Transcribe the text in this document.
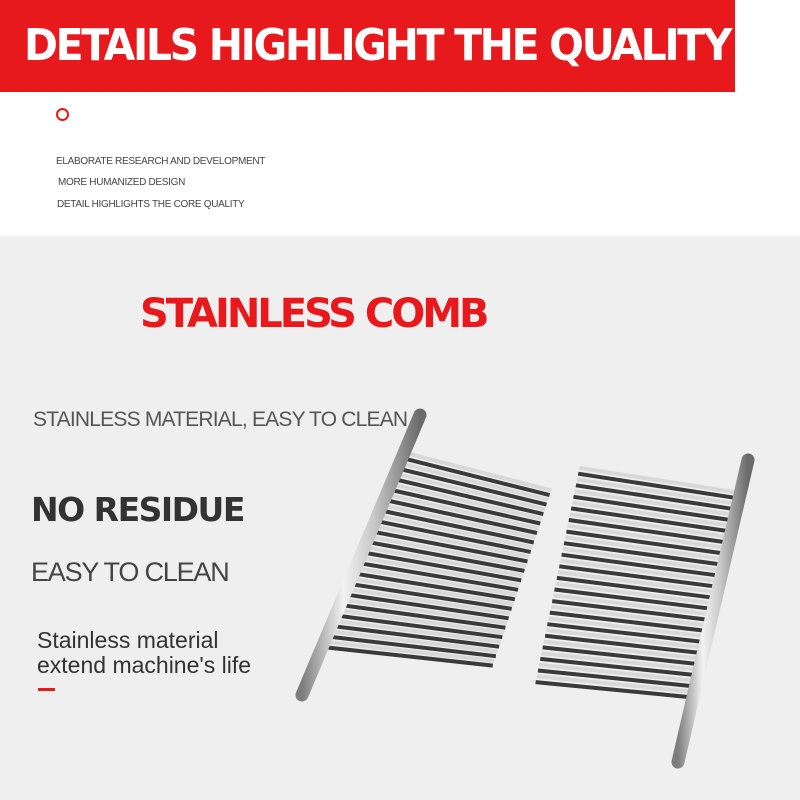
DETAILS HIGHLIGHT THE QUALITY
ELABORATE RESEARCH AND DEVELOPMENT
MORE HUMANIZED DESIGN
DETAIL HIGHLIGHTS THE CORE QUALITY
STAINLESS COMB
STAINLESS MATERIAL, EASY TO CLEAN
NO RESIDUE
EASY TO CLEAN
Stainless material
extend machine's life
